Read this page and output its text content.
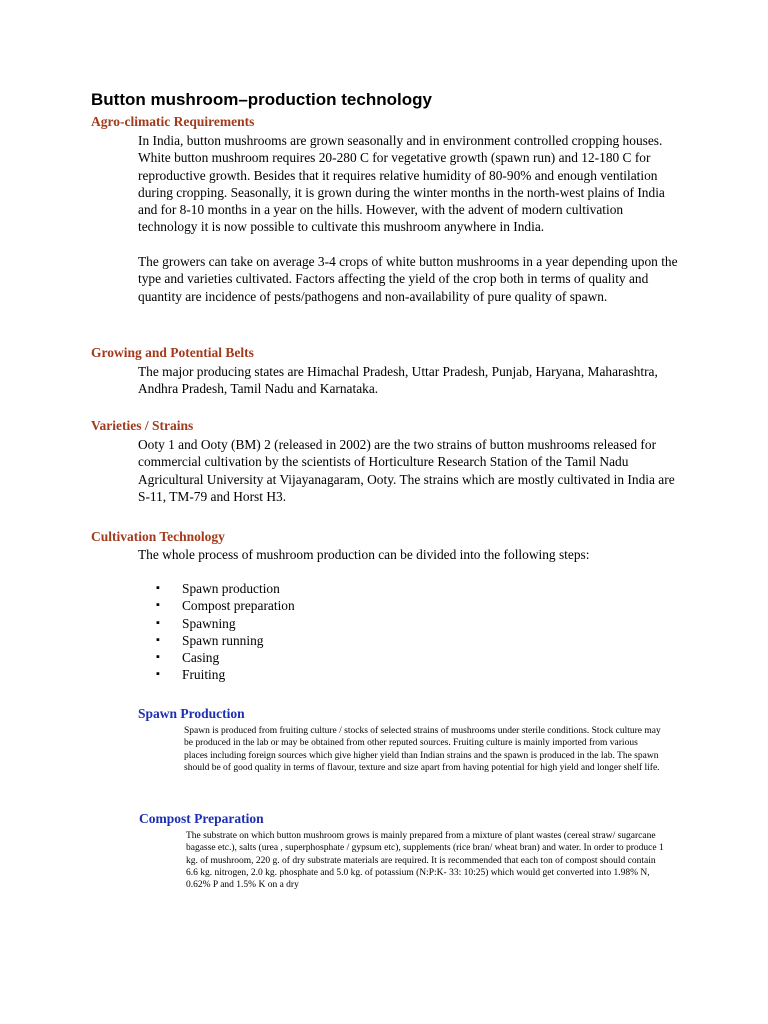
Button mushroom–production technology
Agro-climatic Requirements

In India, button mushrooms are grown seasonally and in environment controlled cropping houses. White button mushroom requires 20-280 C for vegetative growth (spawn run) and 12-180 C for reproductive growth. Besides that it requires relative humidity of 80-90% and enough ventilation during cropping. Seasonally, it is grown during the winter months in the north-west plains of India and for 8-10 months in a year on the hills. However, with the advent of modern cultivation technology it is now possible to cultivate this mushroom anywhere in India.

The growers can take on average 3-4 crops of white button mushrooms in a year depending upon the type and varieties cultivated. Factors affecting the yield of the crop both in terms of quality and quantity are incidence of pests/pathogens and non-availability of pure quality of spawn.

Growing and Potential Belts

The major producing states are Himachal Pradesh, Uttar Pradesh, Punjab, Haryana, Maharashtra, Andhra Pradesh, Tamil Nadu and Karnataka.

Varieties / Strains

Ooty 1 and Ooty (BM) 2 (released in 2002) are the two strains of button mushrooms released for commercial cultivation by the scientists of Horticulture Research Station of the Tamil Nadu Agricultural University at Vijayanagaram, Ooty. The strains which are mostly cultivated in India are S-11, TM-79 and Horst H3.

Cultivation Technology

The whole process of mushroom production can be divided into the following steps:

▪ Spawn production
▪ Compost preparation
▪ Spawning
▪ Spawn running
▪ Casing
▪ Fruiting
Spawn Production

Spawn is produced from fruiting culture / stocks of selected strains of mushrooms under sterile conditions. Stock culture may be produced in the lab or may be obtained from other reputed sources. Fruiting culture is mainly imported from various places including foreign sources which give higher yield than Indian strains and the spawn is produced in the lab. The spawn should be of good quality in terms of flavour, texture and size apart from having potential for high yield and longer shelf life.

Compost Preparation

The substrate on which button mushroom grows is mainly prepared from a mixture of plant wastes (cereal straw/ sugarcane bagasse etc.), salts (urea , superphosphate / gypsum etc), supplements (rice bran/ wheat bran) and water. In order to produce 1 kg. of mushroom, 220 g. of dry substrate materials are required. It is recommended that each ton of compost should contain 6.6 kg. nitrogen, 2.0 kg. phosphate and 5.0 kg. of potassium (N:P:K- 33: 10:25) which would get converted into 1.98% N, 0.62% P and 1.5% K on a dry
